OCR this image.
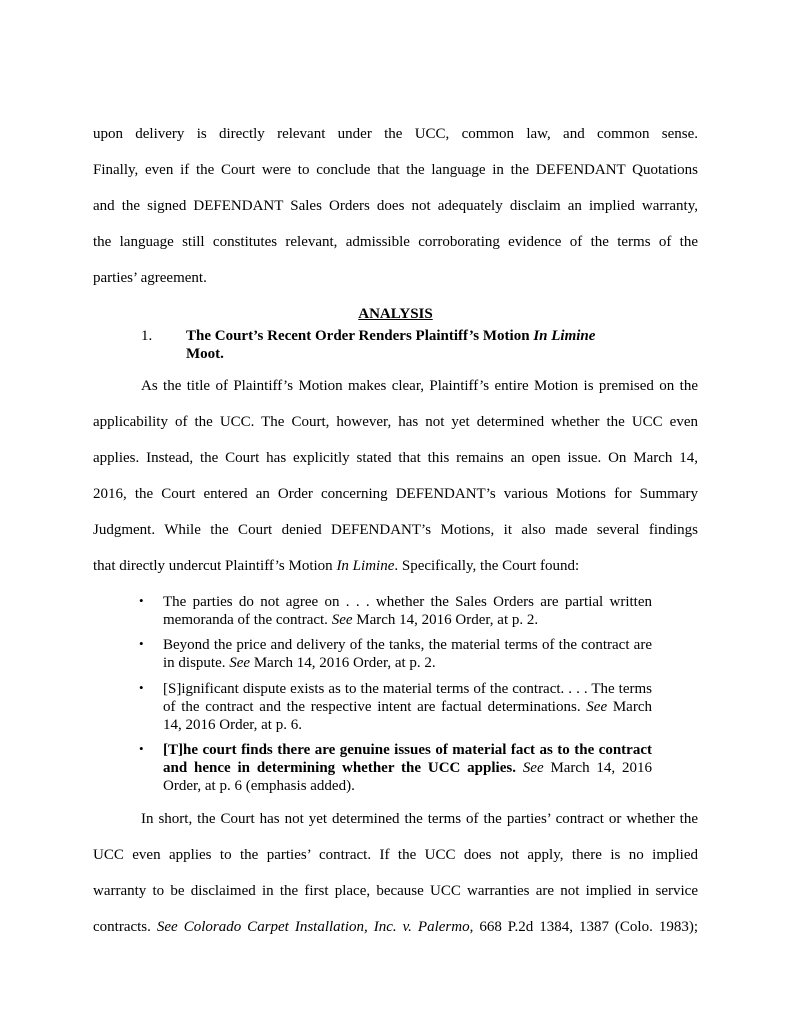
upon delivery is directly relevant under the UCC, common law, and common sense.
Finally, even if the Court were to conclude that the language in the DEFENDANT Quotations
and the signed DEFENDANT Sales Orders does not adequately disclaim an implied warranty,
the language still constitutes relevant, admissible corroborating evidence of the terms of the
parties’ agreement.
ANALYSIS
1. The Court’s Recent Order Renders Plaintiff’s Motion In Limine
Moot.
As the title of Plaintiff’s Motion makes clear, Plaintiff’s entire Motion is premised on the
applicability of the UCC. The Court, however, has not yet determined whether the UCC even
applies. Instead, the Court has explicitly stated that this remains an open issue. On March 14,
2016, the Court entered an Order concerning DEFENDANT’s various Motions for Summary
Judgment. While the Court denied DEFENDANT’s Motions, it also made several findings
that directly undercut Plaintiff’s Motion In Limine. Specifically, the Court found:
• The parties do not agree on . . . whether the Sales Orders are partial written memoranda of the contract. See March 14, 2016 Order, at p. 2.
• Beyond the price and delivery of the tanks, the material terms of the contract are in dispute. See March 14, 2016 Order, at p. 2.
• [S]ignificant dispute exists as to the material terms of the contract. . . . The terms of the contract and the respective intent are factual determinations. See March 14, 2016 Order, at p. 6.
• [T]he court finds there are genuine issues of material fact as to the contract and hence in determining whether the UCC applies. See March 14, 2016 Order, at p. 6 (emphasis added).
In short, the Court has not yet determined the terms of the parties’ contract or whether the
UCC even applies to the parties’ contract. If the UCC does not apply, there is no implied
warranty to be disclaimed in the first place, because UCC warranties are not implied in service
contracts. See Colorado Carpet Installation, Inc. v. Palermo, 668 P.2d 1384, 1387 (Colo. 1983);
